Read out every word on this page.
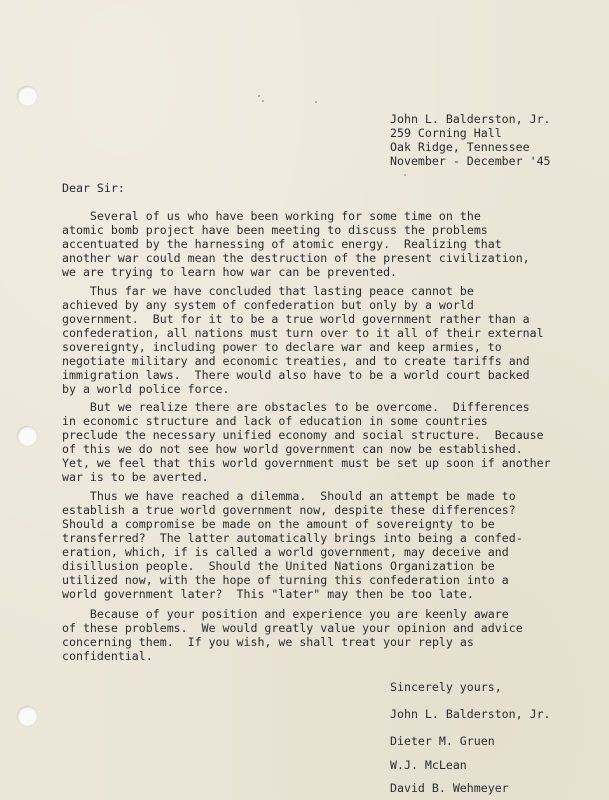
John L. Balderston, Jr.
259 Corning Hall
Oak Ridge, Tennessee
November - December '45
Dear Sir:
Several of us who have been working for some time on the
atomic bomb project have been meeting to discuss the problems
accentuated by the harnessing of atomic energy.  Realizing that
another war could mean the destruction of the present civilization,
we are trying to learn how war can be prevented.
Thus far we have concluded that lasting peace cannot be
achieved by any system of confederation but only by a world
government.  But for it to be a true world government rather than a
confederation, all nations must turn over to it all of their external
sovereignty, including power to declare war and keep armies, to
negotiate military and economic treaties, and to create tariffs and
immigration laws.  There would also have to be a world court backed
by a world police force.
But we realize there are obstacles to be overcome.  Differences
in economic structure and lack of education in some countries
preclude the necessary unified economy and social structure.  Because
of this we do not see how world government can now be established.
Yet, we feel that this world government must be set up soon if another
war is to be averted.
Thus we have reached a dilemma.  Should an attempt be made to
establish a true world government now, despite these differences?
Should a compromise be made on the amount of sovereignty to be
transferred?  The latter automatically brings into being a confed-
eration, which, if is called a world government, may deceive and
disillusion people.  Should the United Nations Organization be
utilized now, with the hope of turning this confederation into a
world government later?  This "later" may then be too late.
Because of your position and experience you are keenly aware
of these problems.  We would greatly value your opinion and advice
concerning them.  If you wish, we shall treat your reply as
confidential.
Sincerely yours,
John L. Balderston, Jr.
Dieter M. Gruen
W.J. McLean
David B. Wehmeyer
